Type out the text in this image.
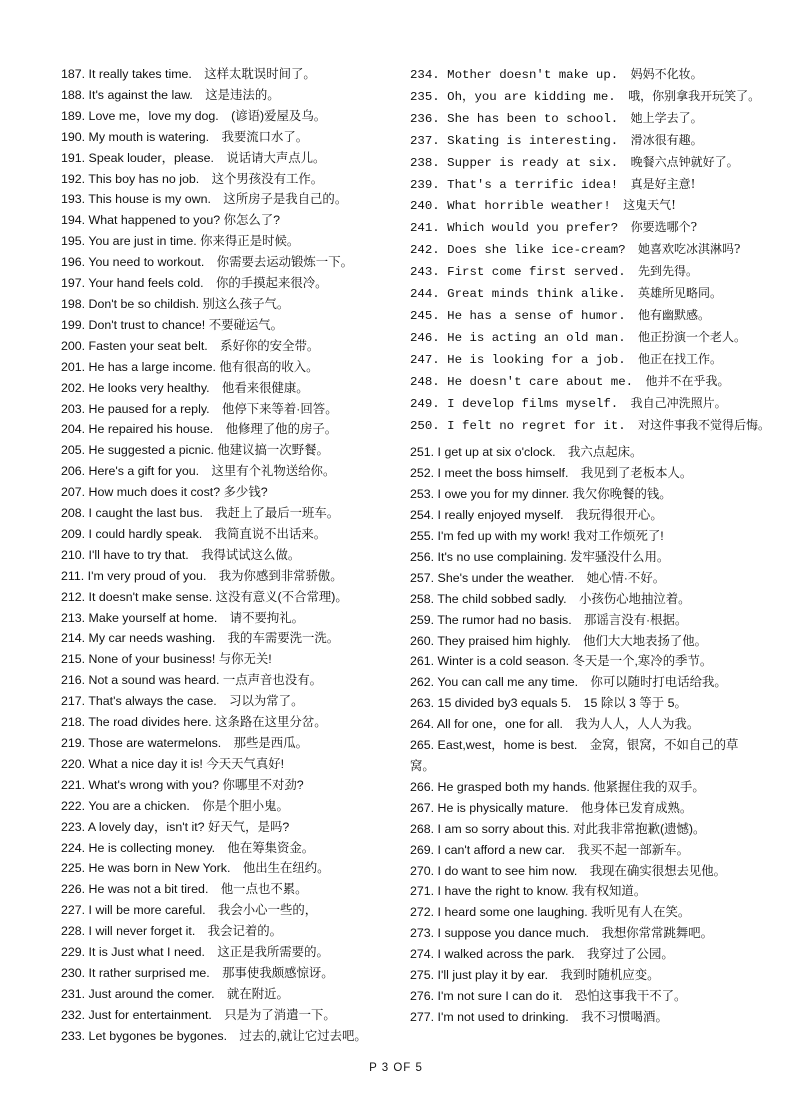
187. It really takes time.　这样太耽误时间了。
188. It's against the law.　这是违法的。
189. Love me，love my dog.　(谚语)爱屋及乌。
190. My mouth is watering.　我要流口水了。
191. Speak louder，please.　说话请大声点儿。
192. This boy has no job.　这个男孩没有工作。
193. This house is my own.　这所房子是我自己的。
194. What happened to you? 你怎么了?
195. You are just in time. 你来得正是时候。
196. You need to workout.　你需要去运动锻炼一下。
197. Your hand feels cold.　你的手摸起来很冷。
198. Don't be so childish. 别这么孩子气。
199. Don't trust to chance! 不要碰运气。
200. Fasten your seat belt.　系好你的安全带。
201. He has a large income. 他有很高的收入。
202. He looks very healthy.　他看来很健康。
203. He paused for a reply.　他停下来等着·回答。
204. He repaired his house.　他修理了他的房子。
205. He suggested a picnic. 他建议搞一次野餐。
206. Here's a gift for you.　这里有个礼物送给你。
207. How much does it cost? 多少钱?
208. I caught the last bus.　我赶上了最后一班车。
209. I could hardly speak.　我简直说不出话来。
210. I'll have to try that.　我得试试这么做。
211. I'm very proud of you.　我为你感到非常骄傲。
212. It doesn't make sense. 这没有意义(不合常理)。
213. Make yourself at home.　请不要拘礼。
214. My car needs washing.　我的车需要洗一洗。
215. None of your business! 与你无关!
216. Not a sound was heard. 一点声音也没有。
217. That's always the case.　习以为常了。
218. The road divides here. 这条路在这里分岔。
219. Those are watermelons.　那些是西瓜。
220. What a nice day it is! 今天天气真好!
221. What's wrong with you? 你哪里不对劲?
222. You are a chicken.　你是个胆小鬼。
223. A lovely day，isn't it? 好天气，是吗?
224. He is collecting money.　他在筹集资金。
225. He was born in New York.　他出生在纽约。
226. He was not a bit tired.　他一点也不累。
227. I will be more careful.　我会小心一些的，
228. I will never forget it.　我会记着的。
229. It is Just what I need.　这正是我所需要的。
230. It rather surprised me.　那事使我颇感惊讶。
231. Just around the comer.　就在附近。
232. Just for entertainment.　只是为了消遣一下。
233. Let bygones be bygones.　过去的,就让它过去吧。
234. Mother doesn't make up.  妈妈不化妆。
235. Oh，you are kidding me.  哦，你别拿我开玩笑了。
236. She has been to school.  她上学去了。
237. Skating is interesting.  滑冰很有趣。
238. Supper is ready at six.  晚餐六点钟就好了。
239. That's a terrific idea!  真是好主意!
240. What horrible weather!  这鬼天气!
241. Which would you prefer?  你要选哪个?
242. Does she like ice-cream?  她喜欢吃冰淇淋吗?
243. First come first served.  先到先得。
244. Great minds think alike.  英雄所见略同。
245. He has a sense of humor.  他有幽默感。
246. He is acting an old man.  他正扮演一个老人。
247. He is looking for a job.  他正在找工作。
248. He doesn't care about me.  他并不在乎我。
249. I develop films myself.  我自己冲洗照片。
250. I felt no regret for it.  对这件事我不觉得后悔。
251. I get up at six o'clock.　我六点起床。
252. I meet the boss himself.　我见到了老板本人。
253. I owe you for my dinner. 我欠你晚餐的钱。
254. I really enjoyed myself.　我玩得很开心。
255. I'm fed up with my work! 我对工作烦死了!
256. It's no use complaining. 发牢骚没什么用。
257. She's under the weather.　她心情·不好。
258. The child sobbed sadly.　小孩伤心地抽泣着。
259. The rumor had no basis.　那谣言没有·根据。
260. They praised him highly.　他们大大地表扬了他。
261. Winter is a cold season. 冬天是一个,寒冷的季节。
262. You can call me any time.　你可以随时打电话给我。
263. 15 divided by3 equals 5.　15 除以 3 等于 5。
264. All for one，one for all.　我为人人，人人为我。
265. East,west，home is best.　金窝，银窝，不如自己的草窝。
266. He grasped both my hands. 他紧握住我的双手。
267. He is physically mature.　他身体已发育成熟。
268. I am so sorry about this. 对此我非常抱歉(遗憾)。
269. I can't afford a new car.　我买不起一部新车。
270. I do want to see him now.　我现在确实很想去见他。
271. I have the right to know. 我有权知道。
272. I heard some one laughing. 我听见有人在笑。
273. I suppose you dance much.　我想你常常跳舞吧。
274. I walked across the park.　我穿过了公园。
275. I'll just play it by ear.　我到时随机应变。
276. I'm not sure I can do it.　恐怕这事我干不了。
277. I'm not used to drinking.　我不习惯喝酒。
P 3 OF 5
